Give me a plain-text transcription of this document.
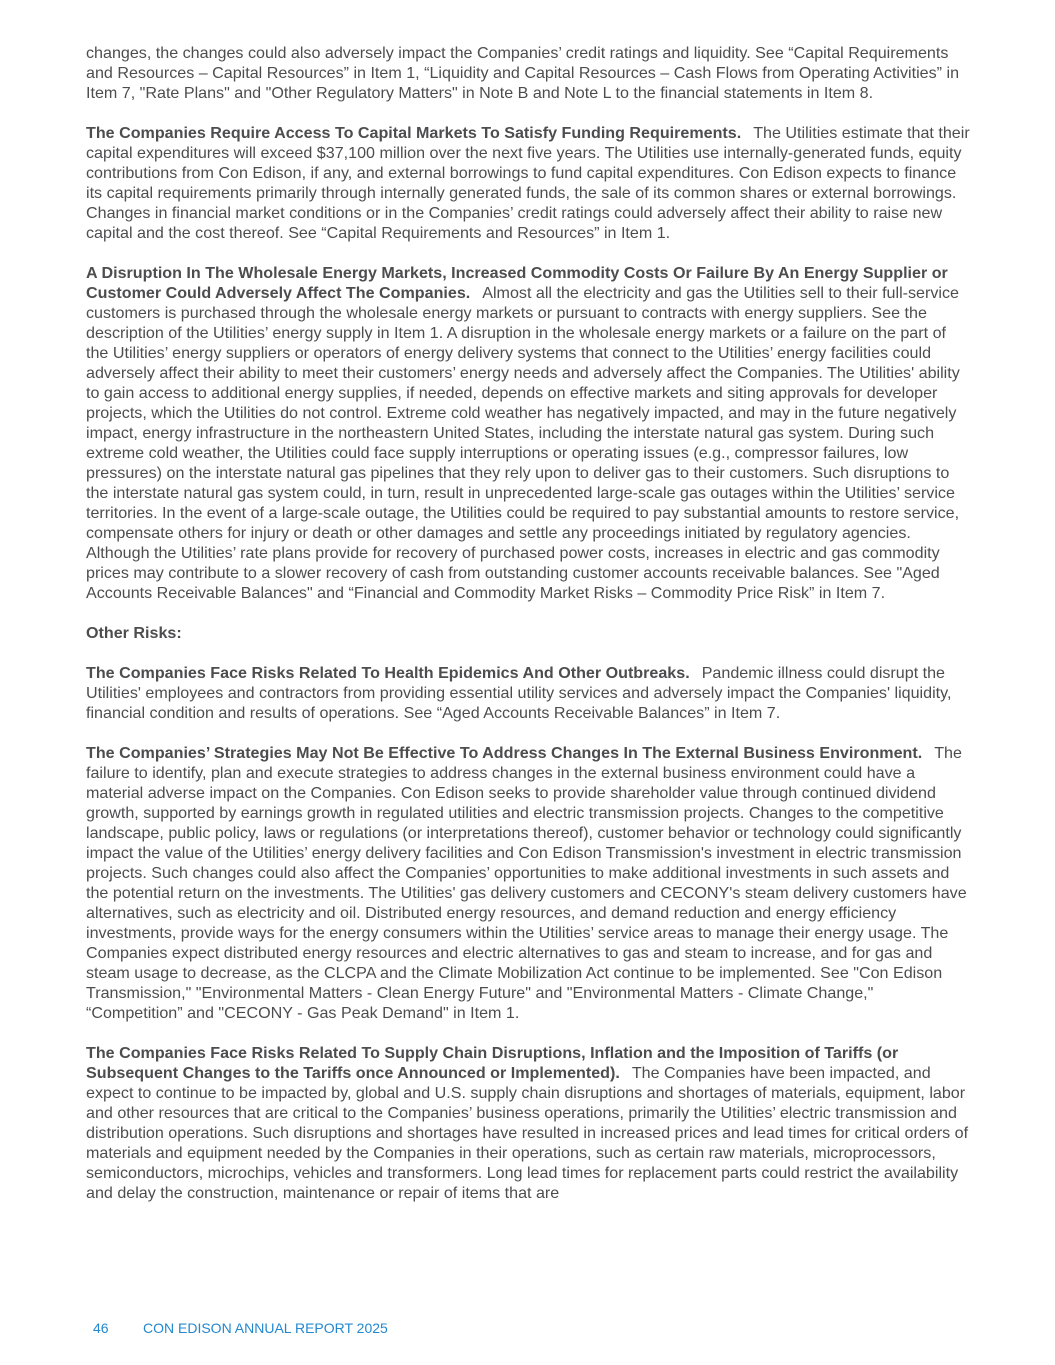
changes, the changes could also adversely impact the Companies’ credit ratings and liquidity. See “Capital Requirements and Resources – Capital Resources” in Item 1, “Liquidity and Capital Resources – Cash Flows from Operating Activities” in Item 7, "Rate Plans" and "Other Regulatory Matters" in Note B and Note L to the financial statements in Item 8.

The Companies Require Access To Capital Markets To Satisfy Funding Requirements. The Utilities estimate that their capital expenditures will exceed $37,100 million over the next five years. The Utilities use internally-generated funds, equity contributions from Con Edison, if any, and external borrowings to fund capital expenditures. Con Edison expects to finance its capital requirements primarily through internally generated funds, the sale of its common shares or external borrowings. Changes in financial market conditions or in the Companies’ credit ratings could adversely affect their ability to raise new capital and the cost thereof. See “Capital Requirements and Resources” in Item 1.

A Disruption In The Wholesale Energy Markets, Increased Commodity Costs Or Failure By An Energy Supplier or Customer Could Adversely Affect The Companies. Almost all the electricity and gas the Utilities sell to their full-service customers is purchased through the wholesale energy markets or pursuant to contracts with energy suppliers. See the description of the Utilities’ energy supply in Item 1. A disruption in the wholesale energy markets or a failure on the part of the Utilities’ energy suppliers or operators of energy delivery systems that connect to the Utilities’ energy facilities could adversely affect their ability to meet their customers’ energy needs and adversely affect the Companies. The Utilities' ability to gain access to additional energy supplies, if needed, depends on effective markets and siting approvals for developer projects, which the Utilities do not control. Extreme cold weather has negatively impacted, and may in the future negatively impact, energy infrastructure in the northeastern United States, including the interstate natural gas system. During such extreme cold weather, the Utilities could face supply interruptions or operating issues (e.g., compressor failures, low pressures) on the interstate natural gas pipelines that they rely upon to deliver gas to their customers. Such disruptions to the interstate natural gas system could, in turn, result in unprecedented large-scale gas outages within the Utilities’ service territories. In the event of a large-scale outage, the Utilities could be required to pay substantial amounts to restore service, compensate others for injury or death or other damages and settle any proceedings initiated by regulatory agencies. Although the Utilities’ rate plans provide for recovery of purchased power costs, increases in electric and gas commodity prices may contribute to a slower recovery of cash from outstanding customer accounts receivable balances. See "Aged Accounts Receivable Balances" and “Financial and Commodity Market Risks – Commodity Price Risk” in Item 7.

Other Risks:

The Companies Face Risks Related To Health Epidemics And Other Outbreaks. Pandemic illness could disrupt the Utilities' employees and contractors from providing essential utility services and adversely impact the Companies' liquidity, financial condition and results of operations. See “Aged Accounts Receivable Balances” in Item 7.

The Companies’ Strategies May Not Be Effective To Address Changes In The External Business Environment. The failure to identify, plan and execute strategies to address changes in the external business environment could have a material adverse impact on the Companies. Con Edison seeks to provide shareholder value through continued dividend growth, supported by earnings growth in regulated utilities and electric transmission projects. Changes to the competitive landscape, public policy, laws or regulations (or interpretations thereof), customer behavior or technology could significantly impact the value of the Utilities’ energy delivery facilities and Con Edison Transmission's investment in electric transmission projects. Such changes could also affect the Companies’ opportunities to make additional investments in such assets and the potential return on the investments. The Utilities' gas delivery customers and CECONY's steam delivery customers have alternatives, such as electricity and oil. Distributed energy resources, and demand reduction and energy efficiency investments, provide ways for the energy consumers within the Utilities’ service areas to manage their energy usage. The Companies expect distributed energy resources and electric alternatives to gas and steam to increase, and for gas and steam usage to decrease, as the CLCPA and the Climate Mobilization Act continue to be implemented. See "Con Edison Transmission," "Environmental Matters - Clean Energy Future" and "Environmental Matters - Climate Change," “Competition” and "CECONY - Gas Peak Demand" in Item 1.

The Companies Face Risks Related To Supply Chain Disruptions, Inflation and the Imposition of Tariffs (or Subsequent Changes to the Tariffs once Announced or Implemented). The Companies have been impacted, and expect to continue to be impacted by, global and U.S. supply chain disruptions and shortages of materials, equipment, labor and other resources that are critical to the Companies’ business operations, primarily the Utilities’ electric transmission and distribution operations. Such disruptions and shortages have resulted in increased prices and lead times for critical orders of materials and equipment needed by the Companies in their operations, such as certain raw materials, microprocessors, semiconductors, microchips, vehicles and transformers. Long lead times for replacement parts could restrict the availability and delay the construction, maintenance or repair of items that are

46 CON EDISON ANNUAL REPORT 2025
